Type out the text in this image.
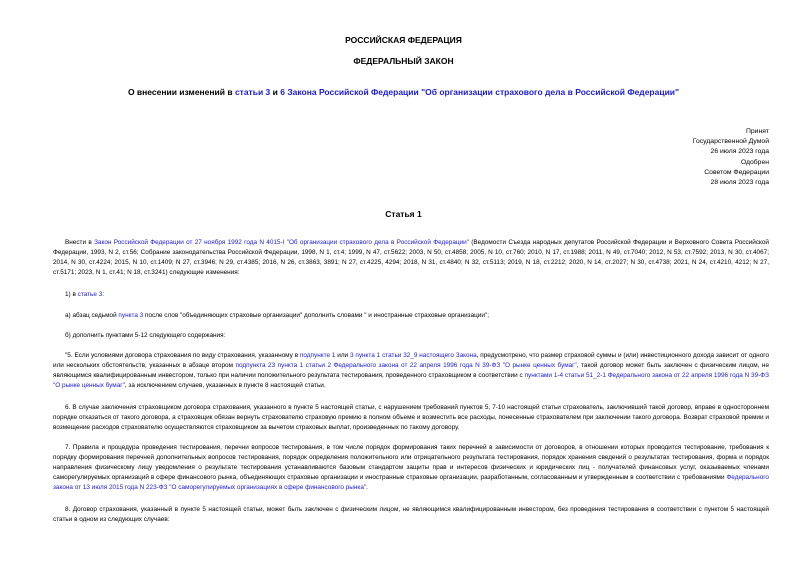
РОССИЙСКАЯ ФЕДЕРАЦИЯ
ФЕДЕРАЛЬНЫЙ ЗАКОН
О внесении изменений в статьи 3 и 6 Закона Российской Федерации "Об организации страхового дела в Российской Федерации"
Принят
Государственной Думой
26 июля 2023 года
Одобрен
Советом Федерации
28 июля 2023 года
Статья 1
Внести в Закон Российской Федерации от 27 ноября 1992 года N 4015-I "Об организации страхового дела в Российской Федерации" (Ведомости Съезда народных депутатов Российской Федерации и Верховного Совета Российской Федерации, 1993, N 2, ст.56; Собрание законодательства Российской Федерации, 1998, N 1, ст.4; 1999, N 47, ст.5622; 2003, N 50, ст.4858; 2005, N 10, ст.760; 2010, N 17, ст.1988; 2011, N 49, ст.7040; 2012, N 53, ст.7592; 2013, N 30, ст.4067; 2014, N 30, ст.4224; 2015, N 10, ст.1409; N 27, ст.3946; N 29, ст.4385; 2016, N 26, ст.3863, 3891; N 27, ст.4225, 4294; 2018, N 31, ст.4840; N 32, ст.5113; 2019, N 18, ст.2212; 2020, N 14, ст.2027; N 30, ст.4738; 2021, N 24, ст.4210, 4212; N 27, ст.5171; 2023, N 1, ст.41; N 18, ст.3241) следующие изменения:
1) в статье 3:
а) абзац седьмой пункта 3 после слов "объединяющих страховые организации" дополнить словами " и иностранные страховые организации";
б) дополнить пунктами 5-12 следующего содержания:
"5. Если условиями договора страхования по виду страхования, указанному в подпункте 1 или 3 пункта 1 статьи 32_9 настоящего Закона, предусмотрено, что размер страховой суммы и (или) инвестиционного дохода зависит от одного или нескольких обстоятельств, указанных в абзаце втором подпункта 23 пункта 1 статьи 2 Федерального закона от 22 апреля 1996 года N 39-ФЗ "О рынке ценных бумаг", такой договор может быть заключен с физическим лицом, не являющимся квалифицированным инвестором, только при наличии положительного результата тестирования, проведенного страховщиком в соответствии с пунктами 1-4 статьи 51_2-1 Федерального закона от 22 апреля 1996 года N 39-ФЗ "О рынке ценных бумаг", за исключением случаев, указанных в пункте 8 настоящей статьи.
6. В случае заключения страховщиком договора страхования, указанного в пункте 5 настоящей статьи, с нарушением требований пунктов 5, 7-10 настоящей статьи страхователь, заключивший такой договор, вправе в одностороннем порядке отказаться от такого договора, а страховщик обязан вернуть страхователю страховую премию в полном объеме и возместить все расходы, понесенные страхователем при заключении такого договора. Возврат страховой премии и возмещение расходов страхователю осуществляются страховщиком за вычетом страховых выплат, произведенных по такому договору.
7. Правила и процедура проведения тестирования, перечни вопросов тестирования, в том числе порядок формирования таких перечней в зависимости от договоров, в отношении которых проводится тестирование, требования к порядку формирования перечней дополнительных вопросов тестирования, порядок определения положительного или отрицательного результата тестирования, порядок хранения сведений о результатах тестирования, форма и порядок направления физическому лицу уведомления о результате тестирования устанавливаются базовым стандартом защиты прав и интересов физических и юридических лиц - получателей финансовых услуг, оказываемых членами саморегулируемых организаций в сфере финансового рынка, объединяющих страховые организации и иностранные страховые организации, разработанным, согласованным и утвержденным в соответствии с требованиями Федерального закона от 13 июля 2015 года N 223-ФЗ "О саморегулируемых организациях в сфере финансового рынка".
8. Договор страхования, указанный в пункте 5 настоящей статьи, может быть заключен с физическим лицом, не являющимся квалифицированным инвестором, без проведения тестирования в соответствии с пунктом 5 настоящей статьи в одном из следующих случаев:
